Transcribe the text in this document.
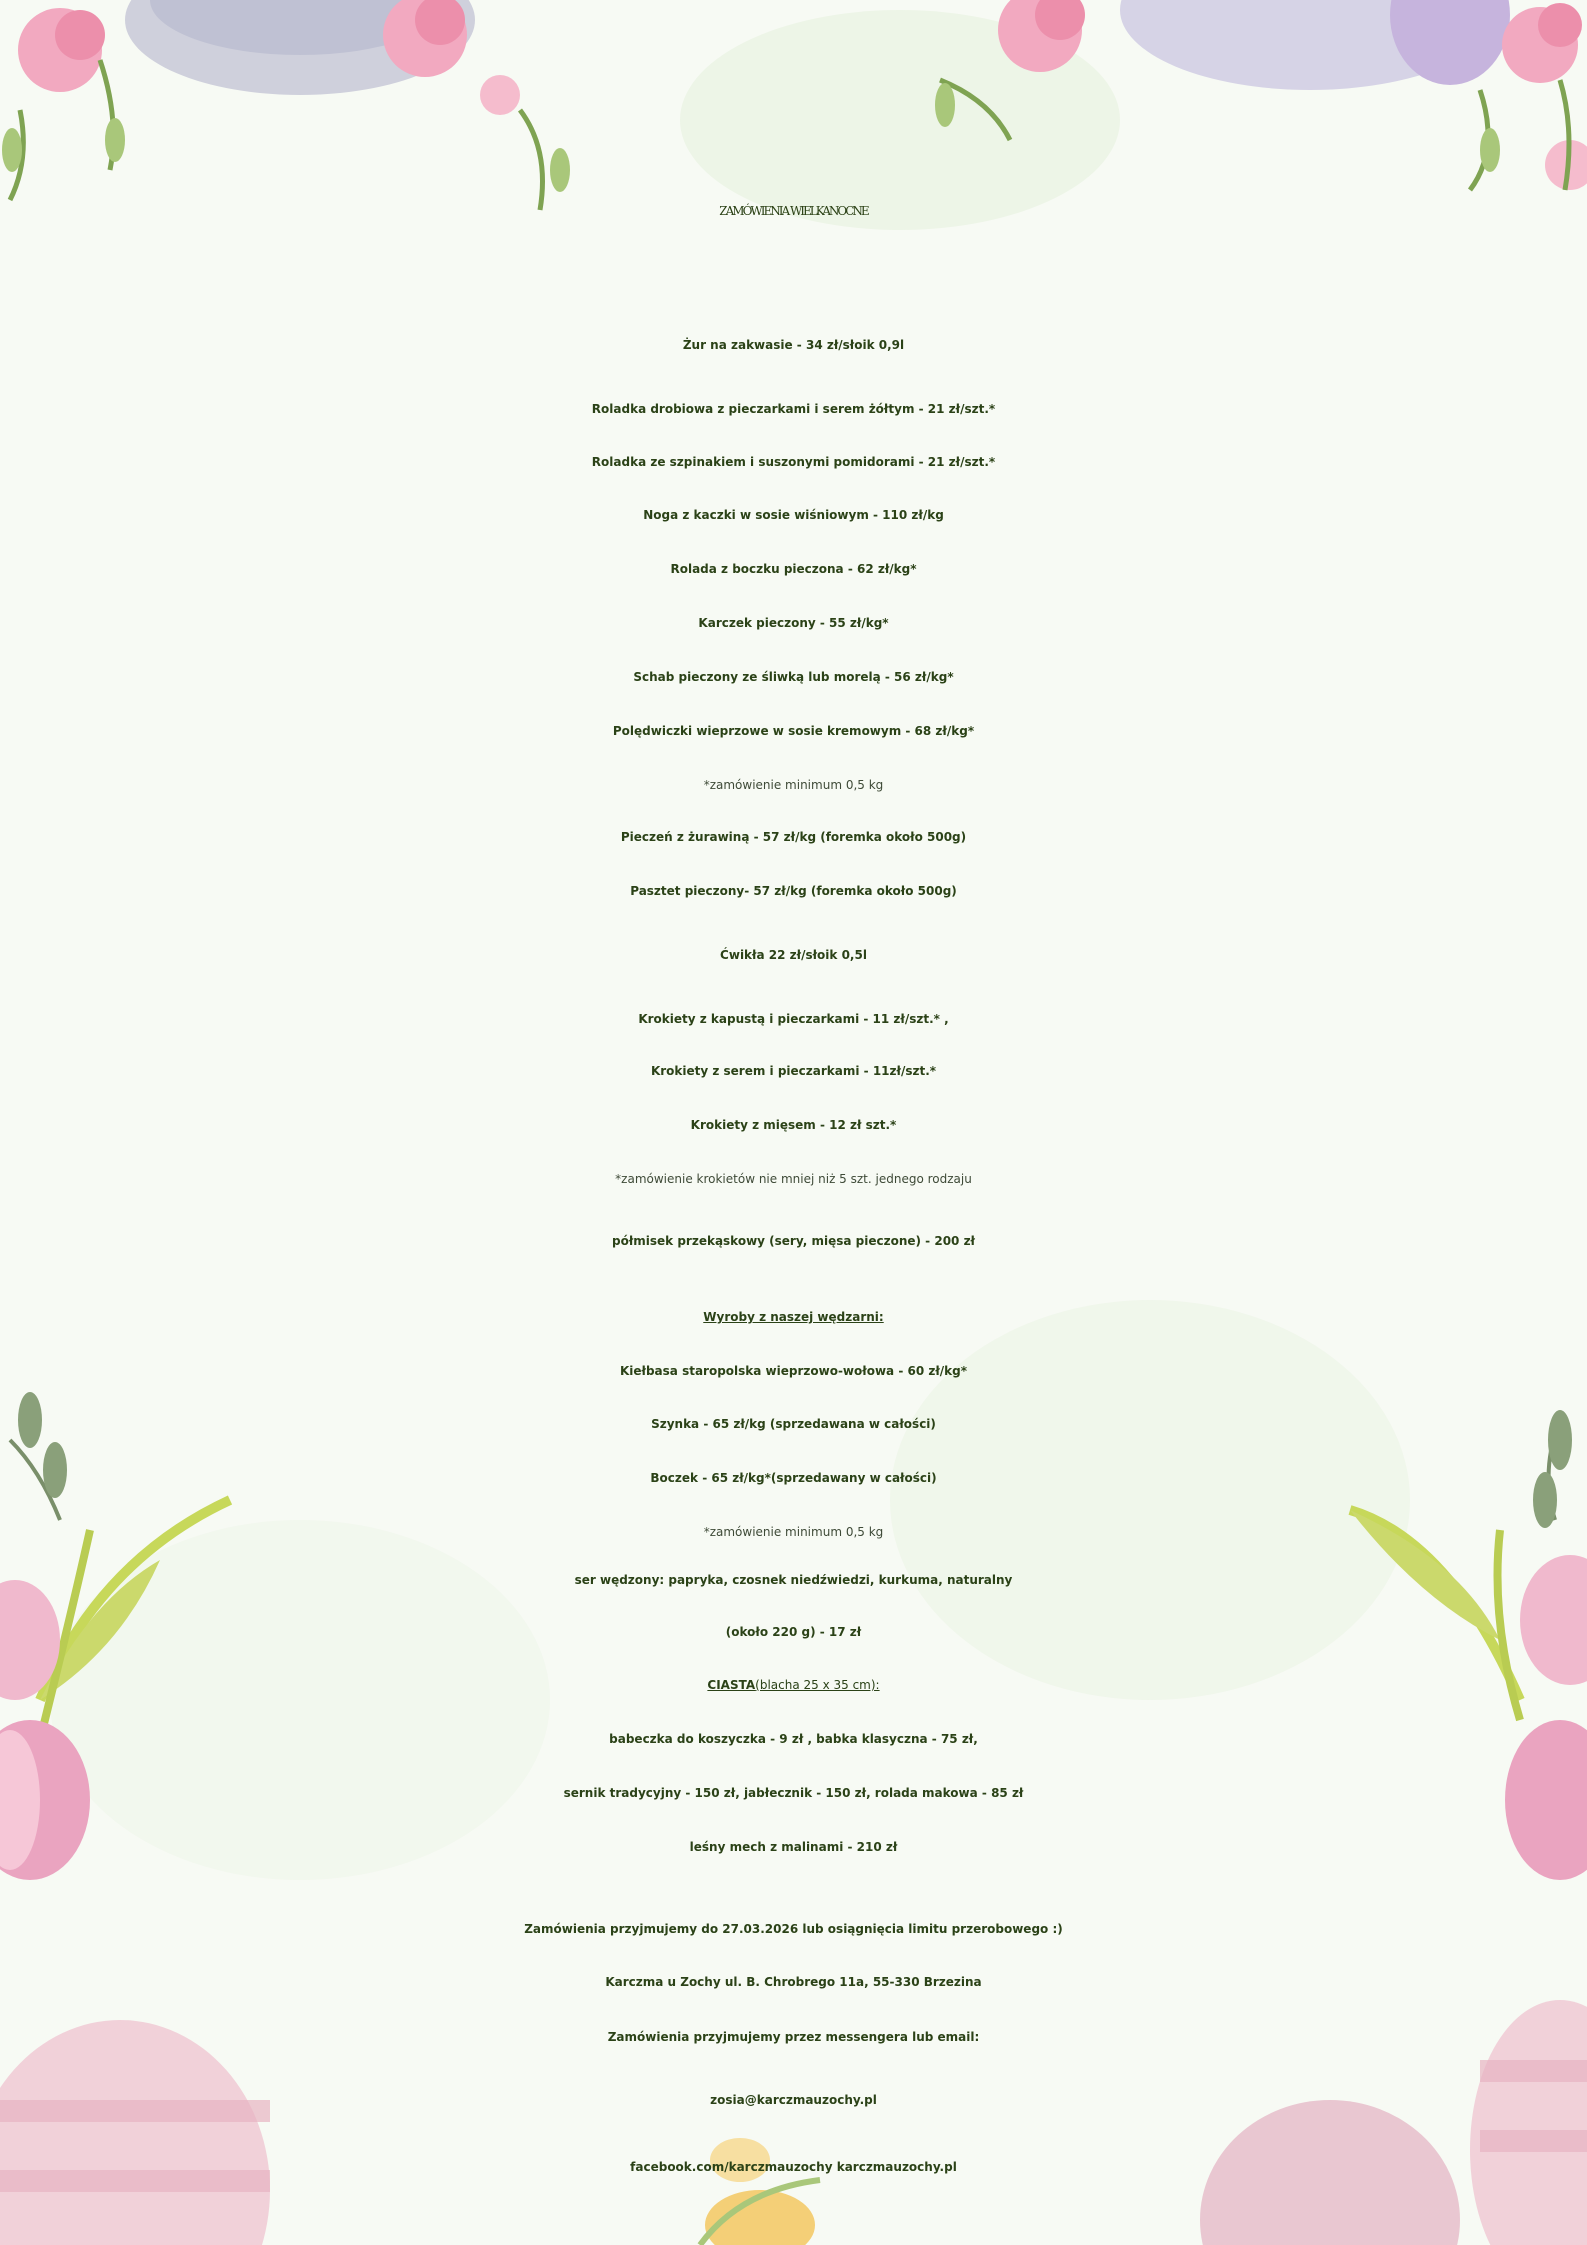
ZAMÓWIENIA WIELKANOCNE
Żur na zakwasie - 34 zł/słoik 0,9l
Roladka drobiowa z pieczarkami i serem żółtym - 21 zł/szt.*
Roladka ze szpinakiem i suszonymi pomidorami - 21 zł/szt.*
Noga z kaczki w sosie wiśniowym - 110 zł/kg
Rolada z boczku pieczona - 62 zł/kg*
Karczek pieczony - 55 zł/kg*
Schab pieczony ze śliwką lub morelą - 56 zł/kg*
Polędwiczki wieprzowe w sosie kremowym - 68 zł/kg*
*zamówienie minimum 0,5 kg
Pieczeń z żurawiną - 57 zł/kg (foremka około 500g)
Pasztet pieczony- 57 zł/kg (foremka około 500g)
Ćwikła 22 zł/słoik 0,5l
Krokiety z kapustą i pieczarkami - 11 zł/szt.* ,
Krokiety z serem i pieczarkami - 11zł/szt.*
Krokiety z mięsem - 12 zł szt.*
*zamówienie krokietów nie mniej niż 5 szt. jednego rodzaju
półmisek przekąskowy (sery, mięsa pieczone) - 200 zł
Wyroby z naszej wędzarni:
Kiełbasa staropolska wieprzowo-wołowa - 60 zł/kg*
Szynka - 65 zł/kg (sprzedawana w całości)
Boczek - 65 zł/kg*(sprzedawany w całości)
*zamówienie minimum 0,5 kg
ser wędzony: papryka, czosnek niedźwiedzi, kurkuma, naturalny
(około 220 g) - 17 zł
CIASTA(blacha 25 x 35 cm):
babeczka do koszyczka - 9 zł , babka klasyczna - 75 zł,
sernik tradycyjny - 150 zł, jabłecznik - 150 zł, rolada makowa - 85 zł
leśny mech z malinami - 210 zł
Zamówienia przyjmujemy do 27.03.2026 lub osiągnięcia limitu przerobowego :)
Karczma u Zochy ul. B. Chrobrego 11a, 55-330 Brzezina
Zamówienia przyjmujemy przez messengera lub email:
zosia@karczmauzochy.pl
facebook.com/karczmauzochy karczmauzochy.pl
